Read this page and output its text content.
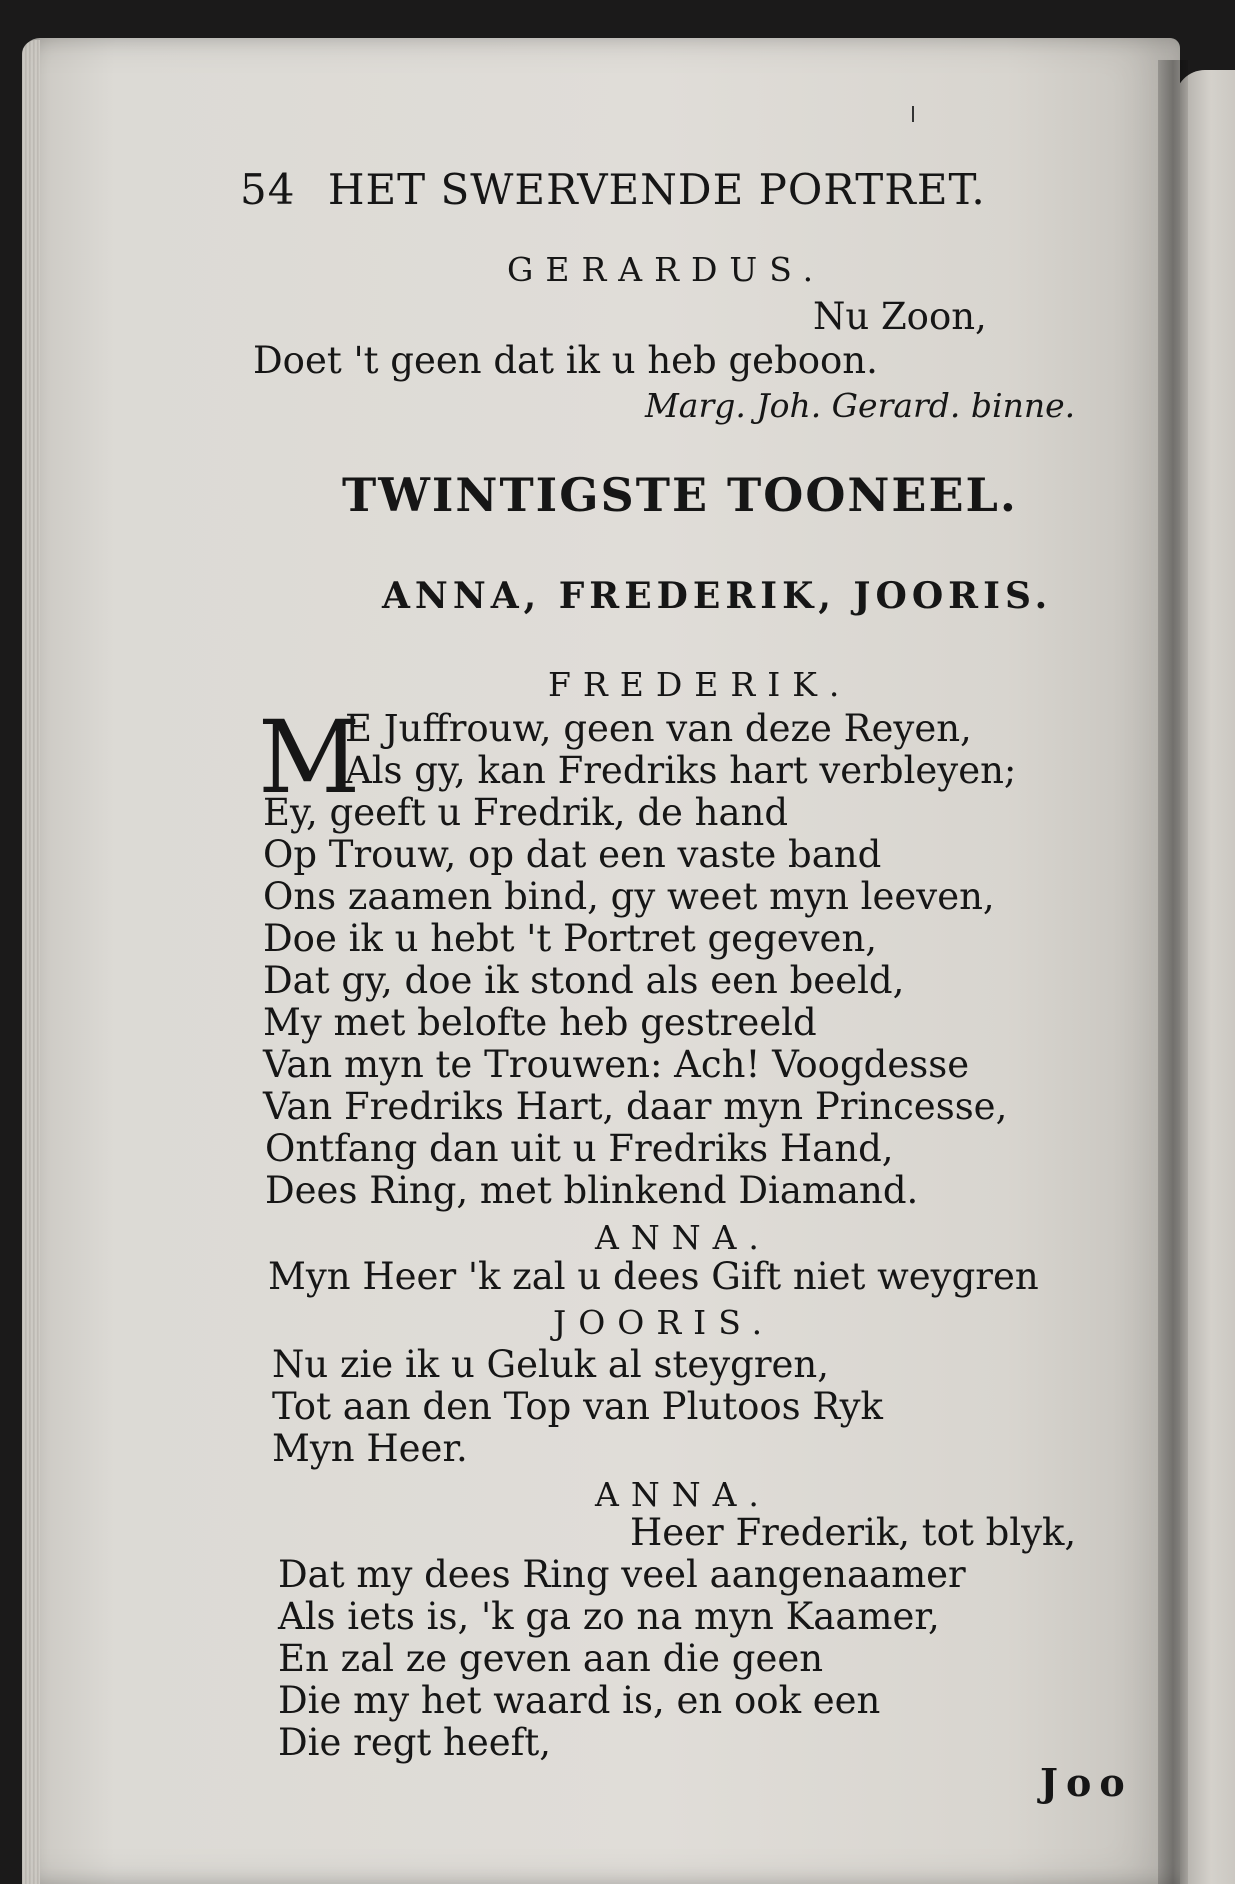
54 HET SWERVENDE PORTRET.
GERARDUS.
Nu Zoon,
Doet 't geen dat ik u heb geboon.
Marg. Joh. Gerard. binne.
TWINTIGSTE TOONEEL.
ANNA, FREDERIK, JOORIS.
FREDERIK.
M
E Juffrouw, geen van deze Reyen,
Als gy, kan Fredriks hart verbleyen;
Ey, geeft u Fredrik, de hand
Op Trouw, op dat een vaste band
Ons zaamen bind, gy weet myn leeven,
Doe ik u hebt 't Portret gegeven,
Dat gy, doe ik stond als een beeld,
My met belofte heb gestreeld
Van myn te Trouwen: Ach! Voogdesse
Van Fredriks Hart, daar myn Princesse,
Ontfang dan uit u Fredriks Hand,
Dees Ring, met blinkend Diamand.
ANNA.
Myn Heer 'k zal u dees Gift niet weygren
JOORIS.
Nu zie ik u Geluk al steygren,
Tot aan den Top van Plutoos Ryk
Myn Heer.
ANNA.
Heer Frederik, tot blyk,
Dat my dees Ring veel aangenaamer
Als iets is, 'k ga zo na myn Kaamer,
En zal ze geven aan die geen
Die my het waard is, en ook een
Die regt heeft,
Joo
